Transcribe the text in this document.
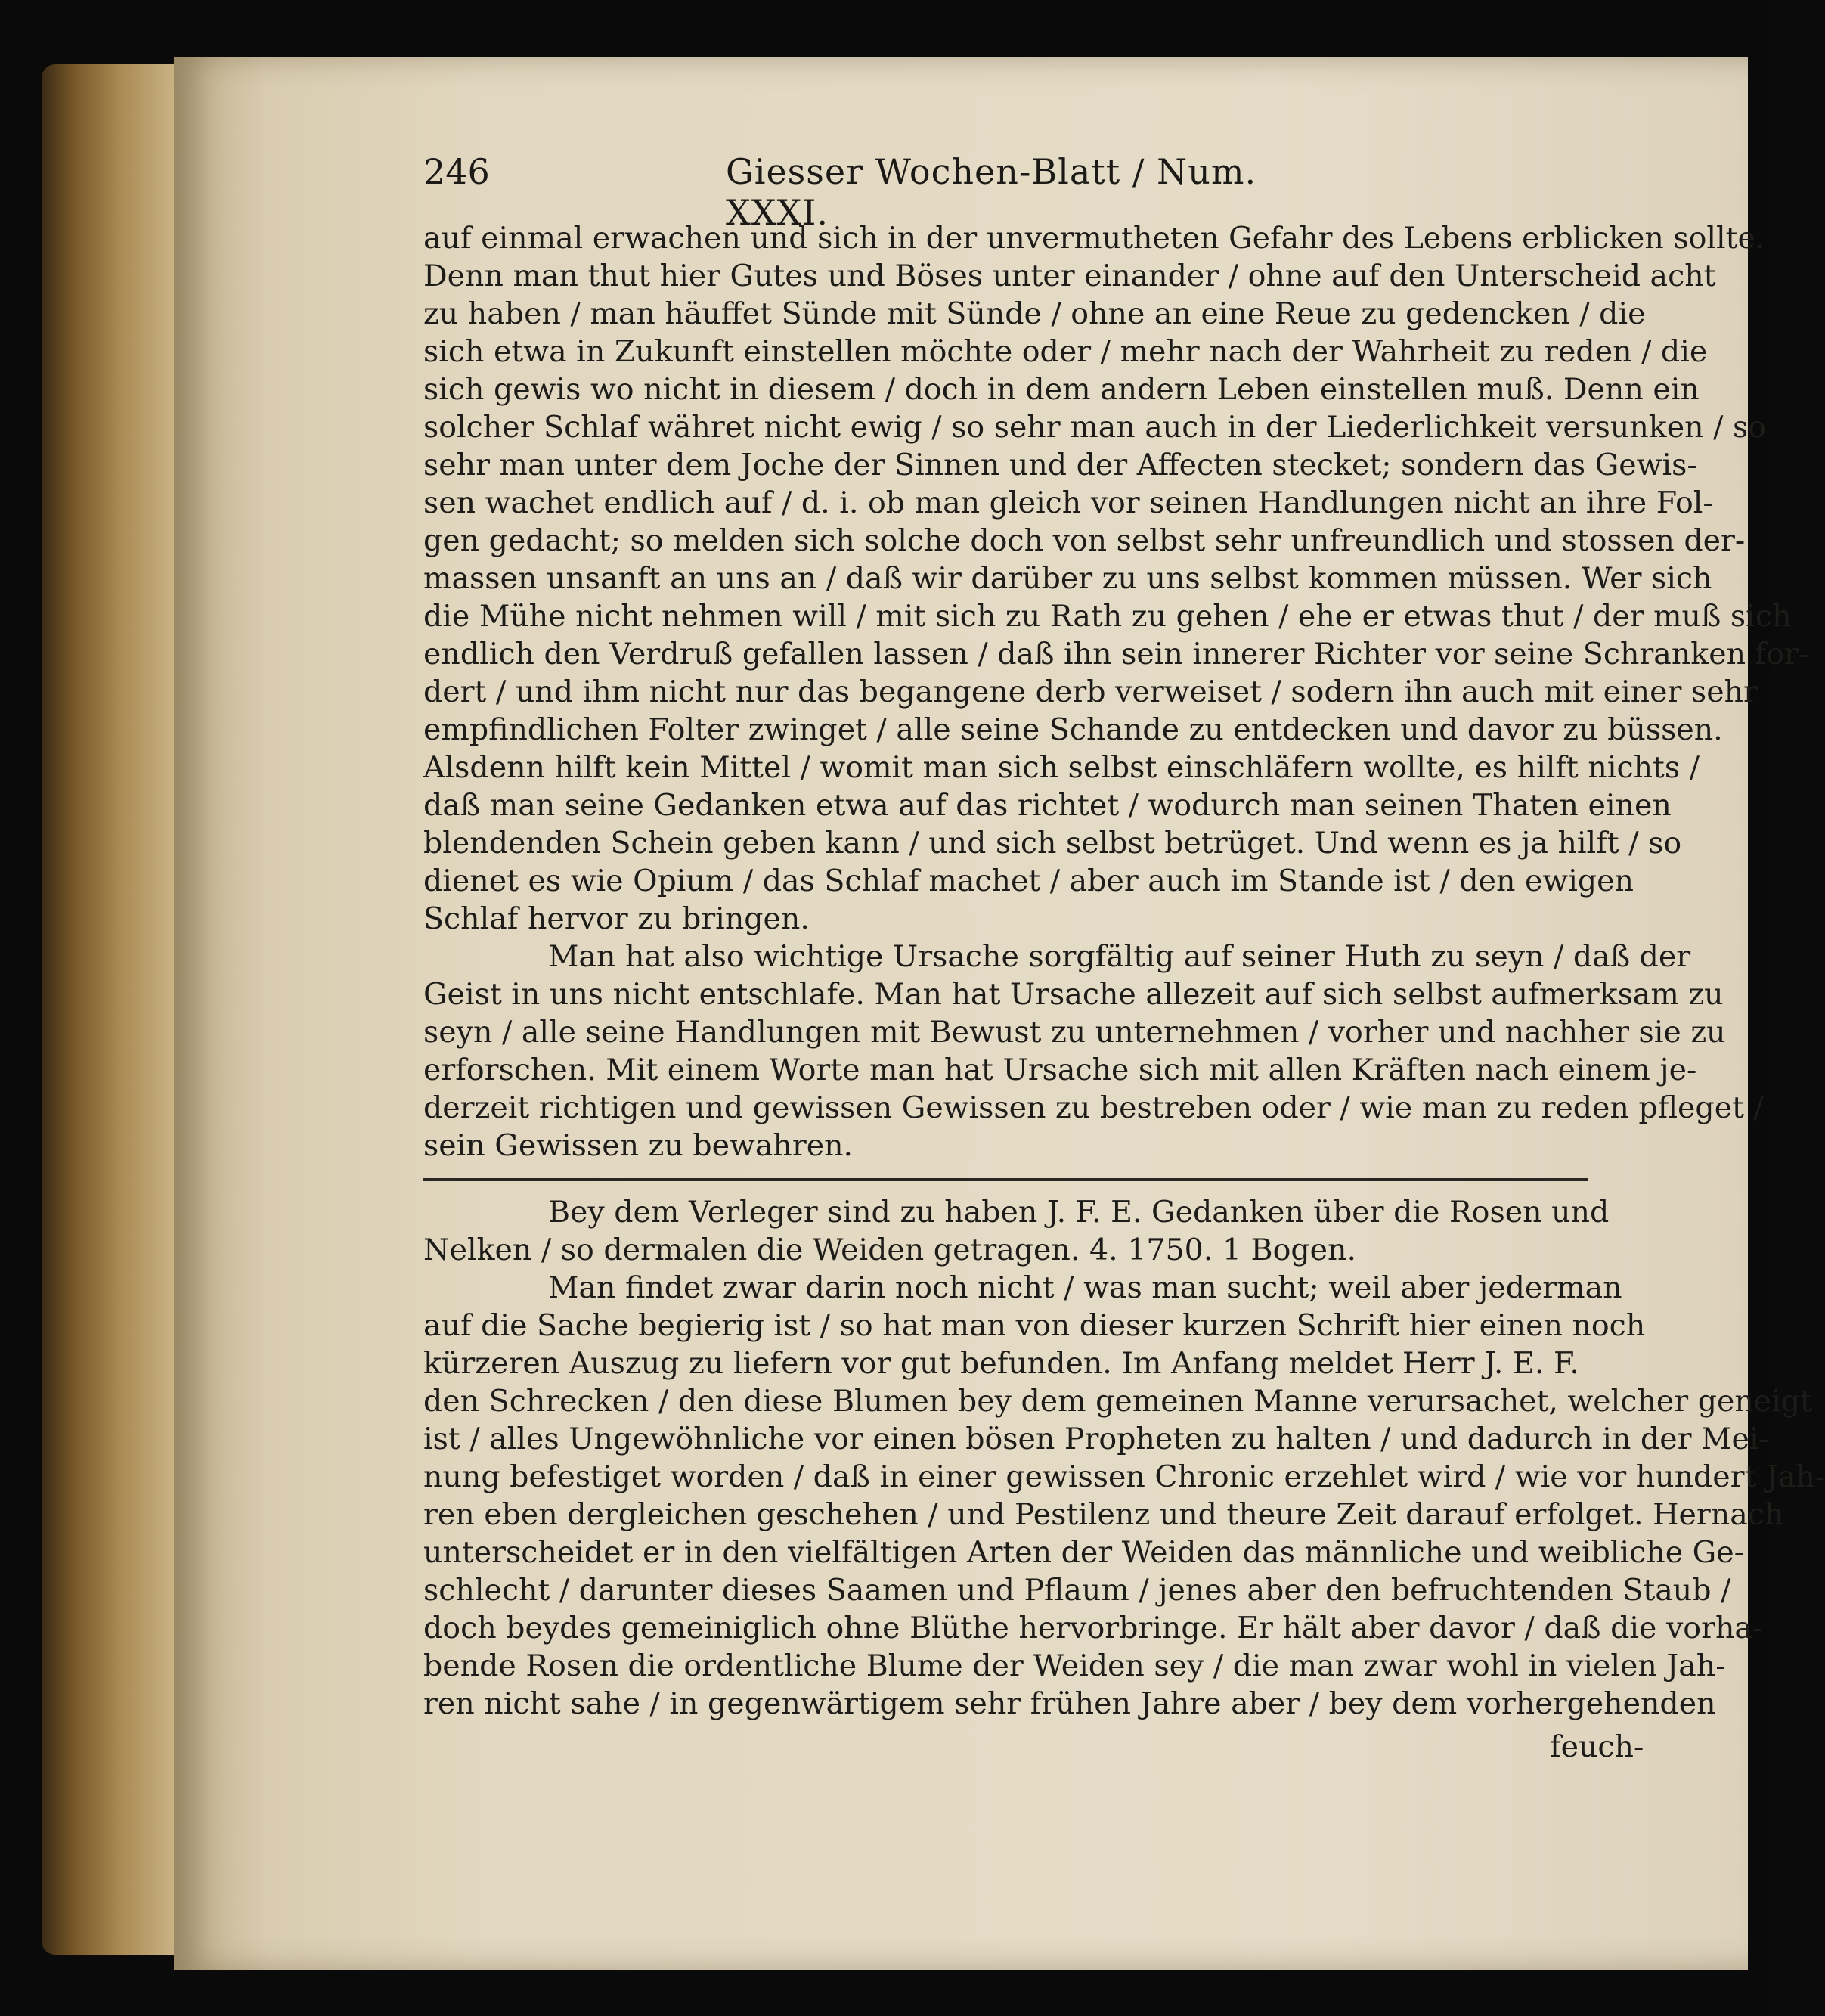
246	Giesser Wochen-Blatt / Num. XXXI.
auf einmal erwachen und sich in der unvermutheten Gefahr des Lebens erblicken sollte.
Denn man thut hier Gutes und Böses unter einander / ohne auf den Unterscheid acht
zu haben / man häuffet Sünde mit Sünde / ohne an eine Reue zu gedencken / die
sich etwa in Zukunft einstellen möchte oder / mehr nach der Wahrheit zu reden / die
sich gewis wo nicht in diesem / doch in dem andern Leben einstellen muß. Denn ein
solcher Schlaf währet nicht ewig / so sehr man auch in der Liederlichkeit versunken / so
sehr man unter dem Joche der Sinnen und der Affecten stecket; sondern das Gewis-
sen wachet endlich auf / d. i. ob man gleich vor seinen Handlungen nicht an ihre Fol-
gen gedacht; so melden sich solche doch von selbst sehr unfreundlich und stossen der-
massen unsanft an uns an / daß wir darüber zu uns selbst kommen müssen. Wer sich
die Mühe nicht nehmen will / mit sich zu Rath zu gehen / ehe er etwas thut / der muß sich
endlich den Verdruß gefallen lassen / daß ihn sein innerer Richter vor seine Schranken for-
dert / und ihm nicht nur das begangene derb verweiset / sodern ihn auch mit einer sehr
empfindlichen Folter zwinget / alle seine Schande zu entdecken und davor zu büssen.
Alsdenn hilft kein Mittel / womit man sich selbst einschläfern wollte, es hilft nichts /
daß man seine Gedanken etwa auf das richtet / wodurch man seinen Thaten einen
blendenden Schein geben kann / und sich selbst betrüget. Und wenn es ja hilft / so
dienet es wie Opium / das Schlaf machet / aber auch im Stande ist / den ewigen
Schlaf hervor zu bringen.
Man hat also wichtige Ursache sorgfältig auf seiner Huth zu seyn / daß der
Geist in uns nicht entschlafe. Man hat Ursache allezeit auf sich selbst aufmerksam zu
seyn / alle seine Handlungen mit Bewust zu unternehmen / vorher und nachher sie zu
erforschen. Mit einem Worte man hat Ursache sich mit allen Kräften nach einem je-
derzeit richtigen und gewissen Gewissen zu bestreben oder / wie man zu reden pfleget /
sein Gewissen zu bewahren.
Bey dem Verleger sind zu haben J. F. E. Gedanken über die Rosen und
Nelken / so dermalen die Weiden getragen. 4. 1750. 1 Bogen.
Man findet zwar darin noch nicht / was man sucht; weil aber jederman
auf die Sache begierig ist / so hat man von dieser kurzen Schrift hier einen noch
kürzeren Auszug zu liefern vor gut befunden. Im Anfang meldet Herr J. E. F.
den Schrecken / den diese Blumen bey dem gemeinen Manne verursachet, welcher geneigt
ist / alles Ungewöhnliche vor einen bösen Propheten zu halten / und dadurch in der Mei-
nung befestiget worden / daß in einer gewissen Chronic erzehlet wird / wie vor hundert Jah-
ren eben dergleichen geschehen / und Pestilenz und theure Zeit darauf erfolget. Hernach
unterscheidet er in den vielfältigen Arten der Weiden das männliche und weibliche Ge-
schlecht / darunter dieses Saamen und Pflaum / jenes aber den befruchtenden Staub /
doch beydes gemeiniglich ohne Blüthe hervorbringe. Er hält aber davor / daß die vorha-
bende Rosen die ordentliche Blume der Weiden sey / die man zwar wohl in vielen Jah-
ren nicht sahe / in gegenwärtigem sehr frühen Jahre aber / bey dem vorhergehenden
feuch-
